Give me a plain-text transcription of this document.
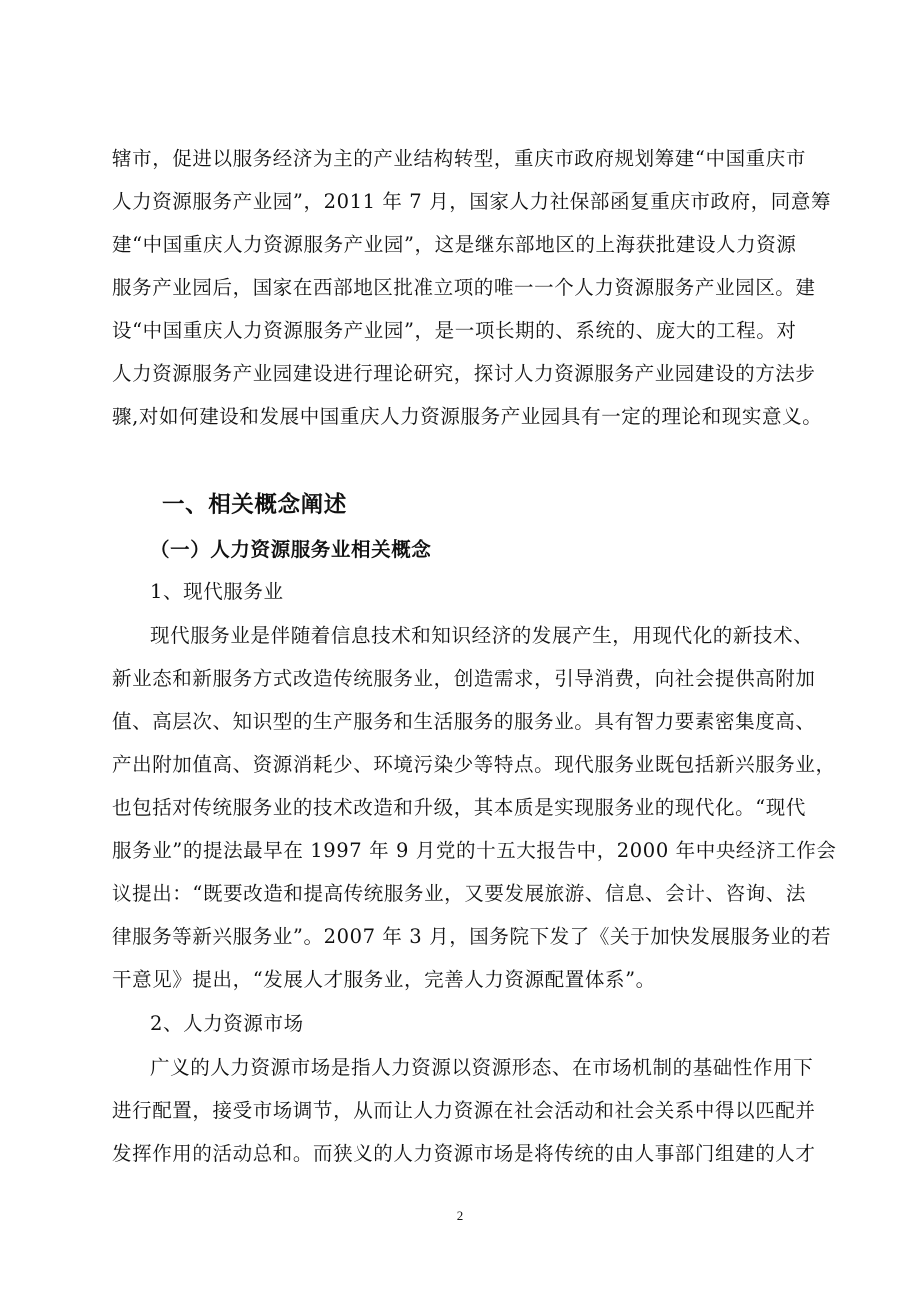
辖市，促进以服务经济为主的产业结构转型，重庆市政府规划筹建“中国重庆市
人力资源服务产业园”，2011 年 7 月，国家人力社保部函复重庆市政府，同意筹
建“中国重庆人力资源服务产业园”，这是继东部地区的上海获批建设人力资源
服务产业园后，国家在西部地区批准立项的唯一一个人力资源服务产业园区。建
设“中国重庆人力资源服务产业园”，是一项长期的、系统的、庞大的工程。对
人力资源服务产业园建设进行理论研究，探讨人力资源服务产业园建设的方法步
骤,对如何建设和发展中国重庆人力资源服务产业园具有一定的理论和现实意义。
一、相关概念阐述
（一）人力资源服务业相关概念
1、现代服务业
现代服务业是伴随着信息技术和知识经济的发展产生，用现代化的新技术、
新业态和新服务方式改造传统服务业，创造需求，引导消费，向社会提供高附加
值、高层次、知识型的生产服务和生活服务的服务业。具有智力要素密集度高、
产出附加值高、资源消耗少、环境污染少等特点。现代服务业既包括新兴服务业，
也包括对传统服务业的技术改造和升级，其本质是实现服务业的现代化。“现代
服务业”的提法最早在 1997 年 9 月党的十五大报告中，2000 年中央经济工作会
议提出：“既要改造和提高传统服务业，又要发展旅游、信息、会计、咨询、法
律服务等新兴服务业”。2007 年 3 月，国务院下发了《关于加快发展服务业的若
干意见》提出，“发展人才服务业，完善人力资源配置体系”。
2、人力资源市场
广义的人力资源市场是指人力资源以资源形态、在市场机制的基础性作用下
进行配置，接受市场调节，从而让人力资源在社会活动和社会关系中得以匹配并
发挥作用的活动总和。而狭义的人力资源市场是将传统的由人事部门组建的人才
2
